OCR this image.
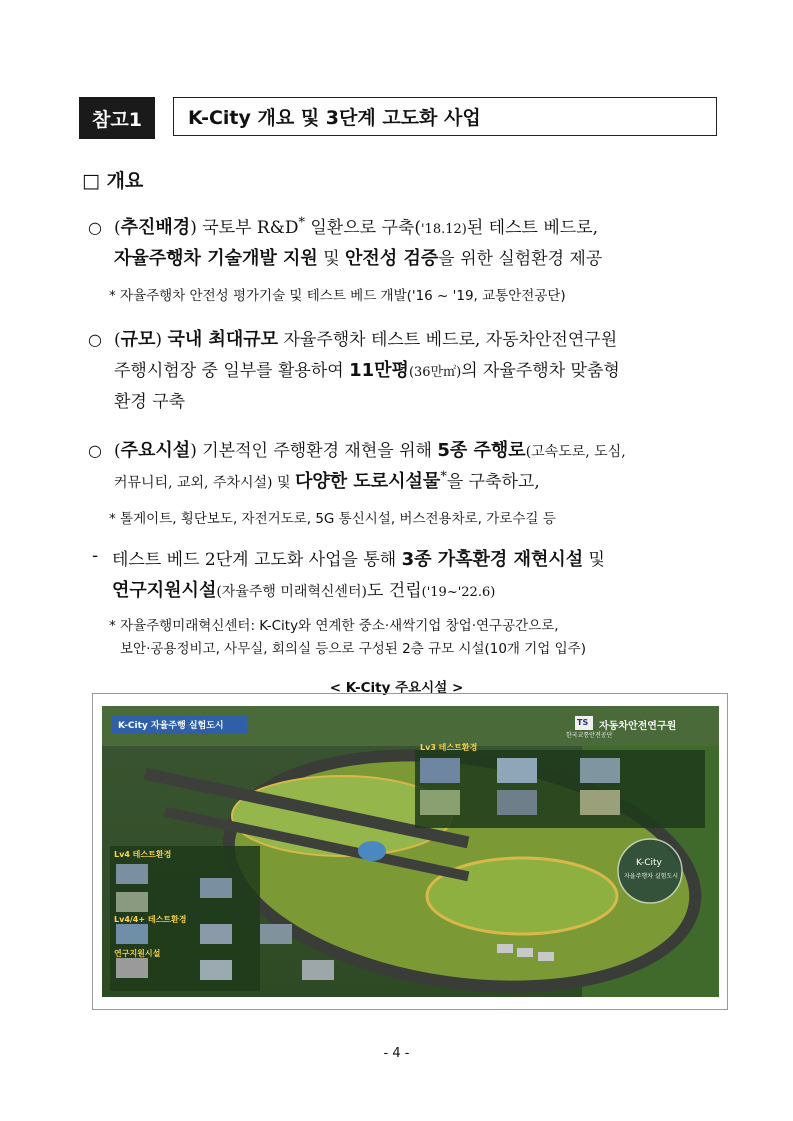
참고1	K-City 개요 및 3단계 고도화 사업
□ 개요
○ (추진배경) 국토부 R&D* 일환으로 구축('18.12)된 테스트 베드로,
자율주행차 기술개발 지원 및 안전성 검증을 위한 실험환경 제공
* 자율주행차 안전성 평가기술 및 테스트 베드 개발('16 ~ '19, 교통안전공단)
○ (규모) 국내 최대규모 자율주행차 테스트 베드로, 자동차안전연구원
주행시험장 중 일부를 활용하여 11만평(36만㎡)의 자율주행차 맞춤형
환경 구축
○ (주요시설) 기본적인 주행환경 재현을 위해 5종 주행로(고속도로, 도심,
커뮤니티, 교외, 주차시설) 및 다양한 도로시설물*을 구축하고,
* 톨게이트, 횡단보도, 자전거도로, 5G 통신시설, 버스전용차로, 가로수길 등
- 테스트 베드 2단계 고도화 사업을 통해 3종 가혹환경 재현시설 및
연구지원시설(자율주행 미래혁신센터)도 건립('19~'22.6)
* 자율주행미래혁신센터: K-City와 연계한 중소·새싹기업 창업·연구공간으로,
보안·공용정비고, 사무실, 회의실 등으로 구성된 2층 규모 시설(10개 기업 입주)
< K-City 주요시설 >
K-City 자율주행 실험도시	TS
한국교통안전공단
자동차안전연구원
Lv3 테스트환경
Lv4 테스트환경
Lv4/4+ 테스트환경
연구지원시설
K-City
자율주행차 실험도시
- 4 -
